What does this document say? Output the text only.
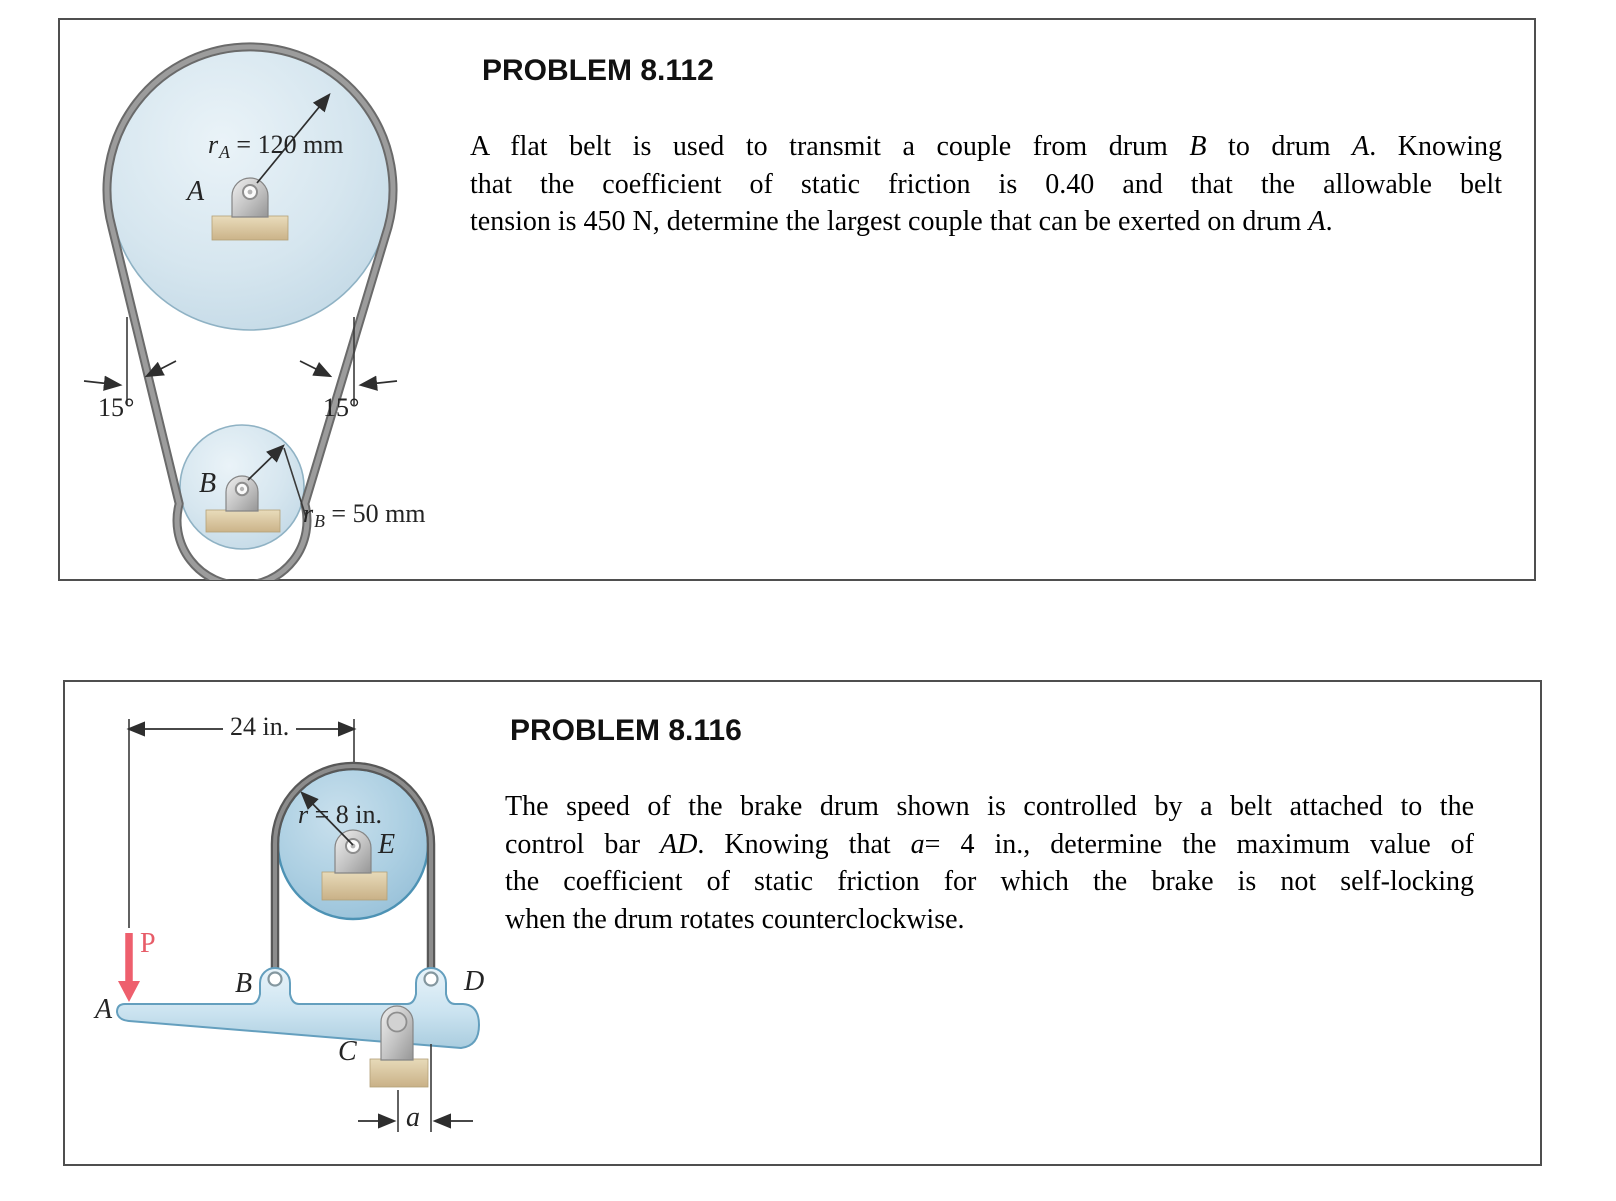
rA = 120 mm
A
B
rB = 50 mm
15°	15°
PROBLEM 8.112
A flat belt is used to transmit a couple from drum B to drum A. Knowing
that the coefficient of static friction is 0.40 and that the allowable belt
tension is 450 N, determine the largest couple that can be exerted on drum A.
24 in.
r = 8 in.
E
P
A
B
C
D
a
PROBLEM 8.116
The speed of the brake drum shown is controlled by a belt attached to the
control bar AD. Knowing that a= 4 in., determine the maximum value of
the coefficient of static friction for which the brake is not self-locking
when the drum rotates counterclockwise.
